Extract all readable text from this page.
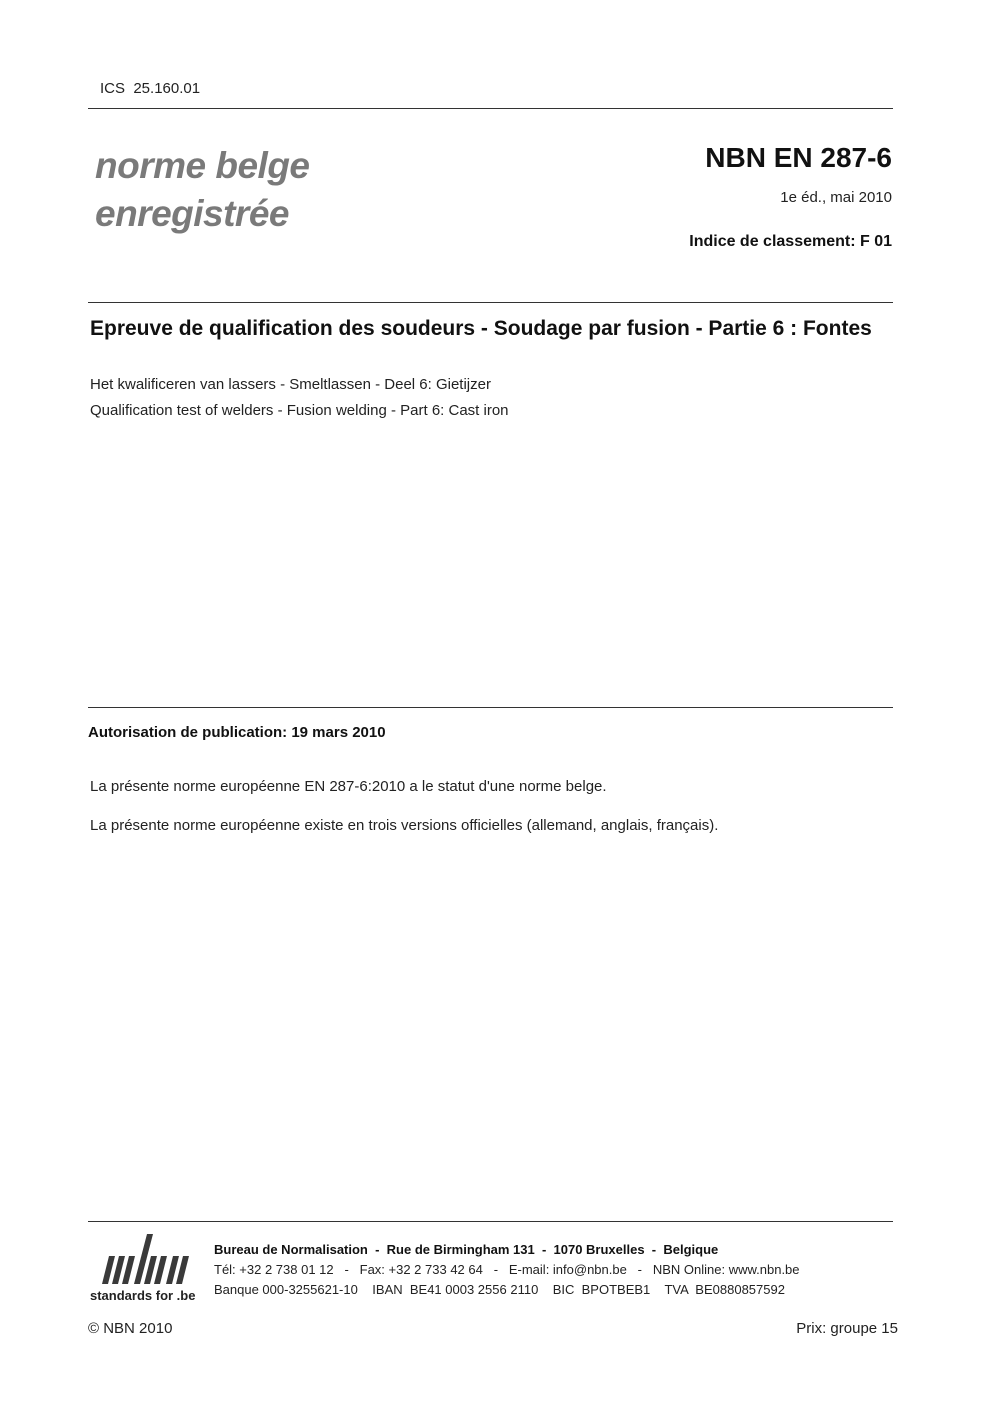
ICS  25.160.01
norme belge
enregistrée
NBN EN 287-6
1e éd., mai 2010
Indice de classement: F 01
Epreuve de qualification des soudeurs - Soudage par fusion - Partie 6 : Fontes
Het kwalificeren van lassers - Smeltlassen - Deel 6: Gietijzer
Qualification test of welders - Fusion welding - Part 6: Cast iron
Autorisation de publication: 19 mars 2010
La présente norme européenne EN 287-6:2010 a le statut d'une norme belge.
La présente norme européenne existe en trois versions officielles (allemand, anglais, français).
standards for .be
Bureau de Normalisation  -  Rue de Birmingham 131  -  1070 Bruxelles  -  Belgique
Tél: +32 2 738 01 12   -   Fax: +32 2 733 42 64   -   E-mail: info@nbn.be   -   NBN Online: www.nbn.be
Banque 000-3255621-10    IBAN  BE41 0003 2556 2110    BIC  BPOTBEB1    TVA  BE0880857592
© NBN 2010	Prix: groupe 15
